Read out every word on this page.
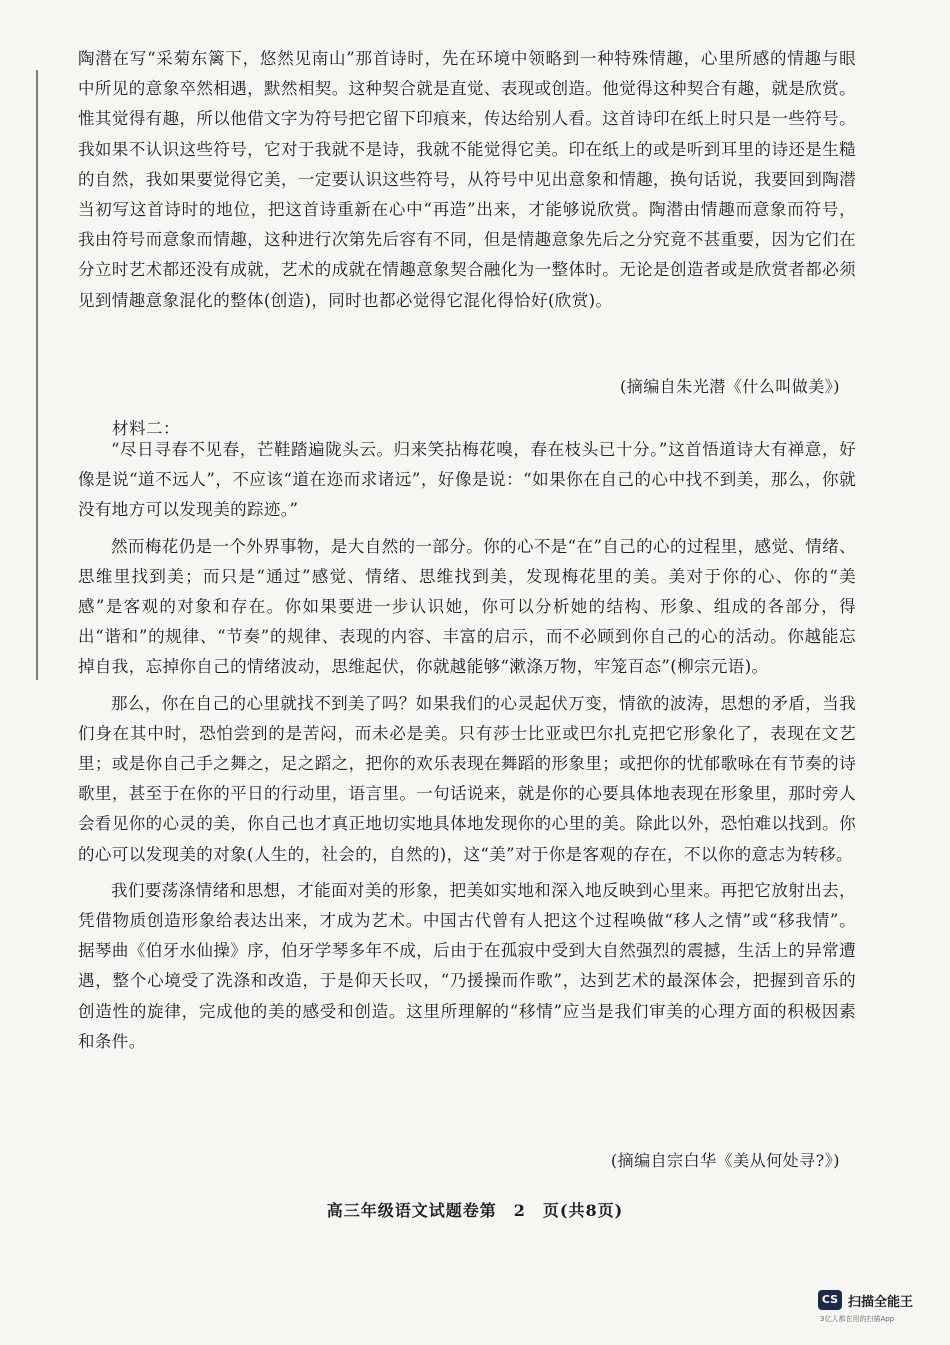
陶潜在写“采菊东篱下，悠然见南山”那首诗时，先在环境中领略到一种特殊情趣，心里所感的情趣与眼中所见的意象卒然相遇，默然相契。这种契合就是直觉、表现或创造。他觉得这种契合有趣，就是欣赏。惟其觉得有趣，所以他借文字为符号把它留下印痕来，传达给别人看。这首诗印在纸上时只是一些符号。我如果不认识这些符号，它对于我就不是诗，我就不能觉得它美。印在纸上的或是听到耳里的诗还是生糙的自然，我如果要觉得它美，一定要认识这些符号，从符号中见出意象和情趣，换句话说，我要回到陶潜当初写这首诗时的地位，把这首诗重新在心中“再造”出来，才能够说欣赏。陶潜由情趣而意象而符号，我由符号而意象而情趣，这种进行次第先后容有不同，但是情趣意象先后之分究竟不甚重要，因为它们在分立时艺术都还没有成就，艺术的成就在情趣意象契合融化为一整体时。无论是创造者或是欣赏者都必须见到情趣意象混化的整体(创造)，同时也都必觉得它混化得恰好(欣赏)。

(摘编自朱光潜《什么叫做美》)
材料二：

“尽日寻春不见春，芒鞋踏遍陇头云。归来笑拈梅花嗅，春在枝头已十分。”这首悟道诗大有禅意，好像是说“道不远人”，不应该“道在迩而求诸远”，好像是说：“如果你在自己的心中找不到美，那么，你就没有地方可以发现美的踪迹。”

然而梅花仍是一个外界事物，是大自然的一部分。你的心不是“在”自己的心的过程里，感觉、情绪、思维里找到美；而只是“通过”感觉、情绪、思维找到美，发现梅花里的美。美对于你的心、你的“美感”是客观的对象和存在。你如果要进一步认识她，你可以分析她的结构、形象、组成的各部分，得出“谐和”的规律、“节奏”的规律、表现的内容、丰富的启示，而不必顾到你自己的心的活动。你越能忘掉自我，忘掉你自己的情绪波动，思维起伏，你就越能够“漱涤万物，牢笼百态”(柳宗元语)。

那么，你在自己的心里就找不到美了吗？如果我们的心灵起伏万变，情欲的波涛，思想的矛盾，当我们身在其中时，恐怕尝到的是苦闷，而未必是美。只有莎士比亚或巴尔扎克把它形象化了，表现在文艺里；或是你自己手之舞之，足之蹈之，把你的欢乐表现在舞蹈的形象里；或把你的忧郁歌咏在有节奏的诗歌里，甚至于在你的平日的行动里，语言里。一句话说来，就是你的心要具体地表现在形象里，那时旁人会看见你的心灵的美，你自己也才真正地切实地具体地发现你的心里的美。除此以外，恐怕难以找到。你的心可以发现美的对象(人生的，社会的，自然的)，这“美”对于你是客观的存在，不以你的意志为转移。

我们要荡涤情绪和思想，才能面对美的形象，把美如实地和深入地反映到心里来。再把它放射出去，凭借物质创造形象给表达出来，才成为艺术。中国古代曾有人把这个过程唤做“移人之情”或“移我情”。据琴曲《伯牙水仙操》序，伯牙学琴多年不成，后由于在孤寂中受到大自然强烈的震撼，生活上的异常遭遇，整个心境受了洗涤和改造，于是仰天长叹，“乃援操而作歌”，达到艺术的最深体会，把握到音乐的创造性的旋律，完成他的美的感受和创造。这里所理解的“移情”应当是我们审美的心理方面的积极因素和条件。

(摘编自宗白华《美从何处寻?》)
高三年级语文试题卷第　2　页(共8页)
CS 扫描全能王
3亿人都在用的扫描App
